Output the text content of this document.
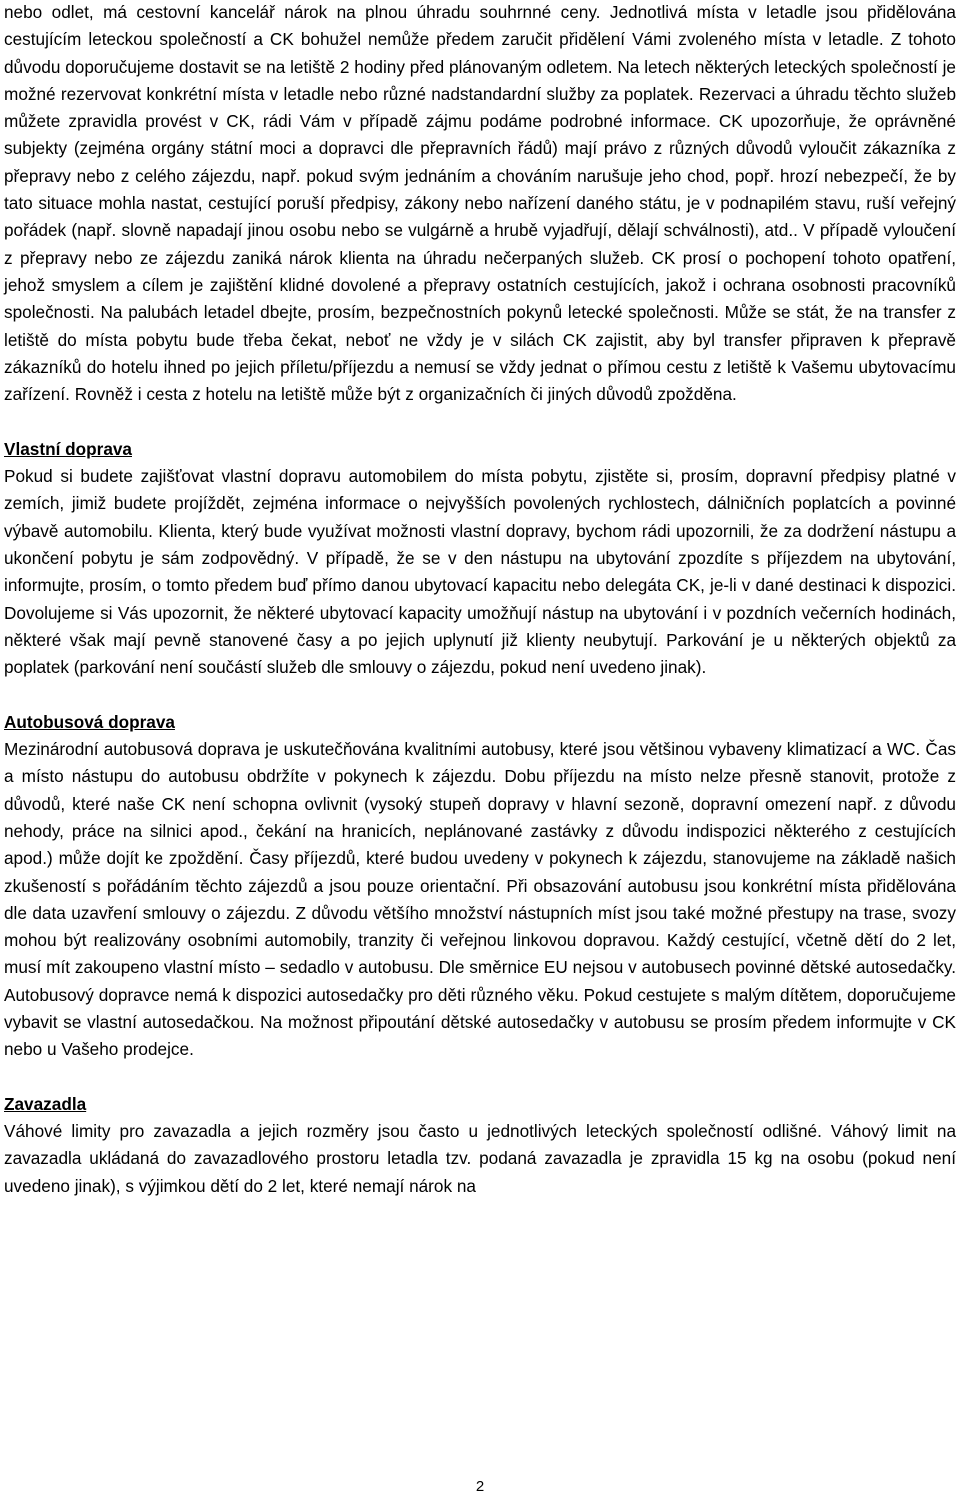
nebo odlet, má cestovní kancelář nárok na plnou úhradu souhrnné ceny. Jednotlivá místa v letadle jsou přidělována cestujícím leteckou společností a CK bohužel nemůže předem zaručit přidělení Vámi zvoleného místa v letadle. Z tohoto důvodu doporučujeme dostavit se na letiště 2 hodiny před plánovaným odletem. Na letech některých leteckých společností je možné rezervovat konkrétní místa v letadle nebo různé nadstandardní služby za poplatek. Rezervaci a úhradu těchto služeb můžete zpravidla provést v CK, rádi Vám v případě zájmu podáme podrobné informace. CK upozorňuje, že oprávněné subjekty (zejména orgány státní moci a dopravci dle přepravních řádů) mají právo z různých důvodů vyloučit zákazníka z přepravy nebo z celého zájezdu, např. pokud svým jednáním a chováním narušuje jeho chod, popř. hrozí nebezpečí, že by tato situace mohla nastat, cestující poruší předpisy, zákony nebo nařízení daného státu, je v podnapilém stavu, ruší veřejný pořádek (např. slovně napadají jinou osobu nebo se vulgárně a hrubě vyjadřují, dělají schválnosti), atd.. V případě vyloučení z přepravy nebo ze zájezdu zaniká nárok klienta na úhradu nečerpaných služeb. CK prosí o pochopení tohoto opatření, jehož smyslem a cílem je zajištění klidné dovolené a přepravy ostatních cestujících, jakož i ochrana osobnosti pracovníků společnosti. Na palubách letadel dbejte, prosím, bezpečnostních pokynů letecké společnosti. Může se stát, že na transfer z letiště do místa pobytu bude třeba čekat, neboť ne vždy je v silách CK zajistit, aby byl transfer připraven k přepravě zákazníků do hotelu ihned po jejich příletu/příjezdu a nemusí se vždy jednat o přímou cestu z letiště k Vašemu ubytovacímu zařízení. Rovněž i cesta z hotelu na letiště může být z organizačních či jiných důvodů zpožděna.

Vlastní doprava

Pokud si budete zajišťovat vlastní dopravu automobilem do místa pobytu, zjistěte si, prosím, dopravní předpisy platné v zemích, jimiž budete projíždět, zejména informace o nejvyšších povolených rychlostech, dálničních poplatcích a povinné výbavě automobilu. Klienta, který bude využívat možnosti vlastní dopravy, bychom rádi upozornili, že za dodržení nástupu a ukončení pobytu je sám zodpovědný. V případě, že se v den nástupu na ubytování zpozdíte s příjezdem na ubytování, informujte, prosím, o tomto předem buď přímo danou ubytovací kapacitu nebo delegáta CK, je-li v dané destinaci k dispozici. Dovolujeme si Vás upozornit, že některé ubytovací kapacity umožňují nástup na ubytování i v pozdních večerních hodinách, některé však mají pevně stanovené časy a po jejich uplynutí již klienty neubytují. Parkování je u některých objektů za poplatek (parkování není součástí služeb dle smlouvy o zájezdu, pokud není uvedeno jinak).

Autobusová doprava

Mezinárodní autobusová doprava je uskutečňována kvalitními autobusy, které jsou většinou vybaveny klimatizací a WC. Čas a místo nástupu do autobusu obdržíte v pokynech k zájezdu. Dobu příjezdu na místo nelze přesně stanovit, protože z důvodů, které naše CK není schopna ovlivnit (vysoký stupeň dopravy v hlavní sezoně, dopravní omezení např. z důvodu nehody, práce na silnici apod., čekání na hranicích, neplánované zastávky z důvodu indispozici některého z cestujících apod.) může dojít ke zpoždění. Časy příjezdů, které budou uvedeny v pokynech k zájezdu, stanovujeme na základě našich zkušeností s pořádáním těchto zájezdů a jsou pouze orientační. Při obsazování autobusu jsou konkrétní místa přidělována dle data uzavření smlouvy o zájezdu. Z důvodu většího množství nástupních míst jsou také možné přestupy na trase, svozy mohou být realizovány osobními automobily, tranzity či veřejnou linkovou dopravou. Každý cestující, včetně dětí do 2 let, musí mít zakoupeno vlastní místo – sedadlo v autobusu. Dle směrnice EU nejsou v autobusech povinné dětské autosedačky. Autobusový dopravce nemá k dispozici autosedačky pro děti různého věku. Pokud cestujete s malým dítětem, doporučujeme vybavit se vlastní autosedačkou. Na možnost připoutání dětské autosedačky v autobusu se prosím předem informujte v CK nebo u Vašeho prodejce.

Zavazadla

Váhové limity pro zavazadla a jejich rozměry jsou často u jednotlivých leteckých společností odlišné. Váhový limit na zavazadla ukládaná do zavazadlového prostoru letadla tzv. podaná zavazadla je zpravidla 15 kg na osobu (pokud není uvedeno jinak), s výjimkou dětí do 2 let, které nemají nárok na

2
